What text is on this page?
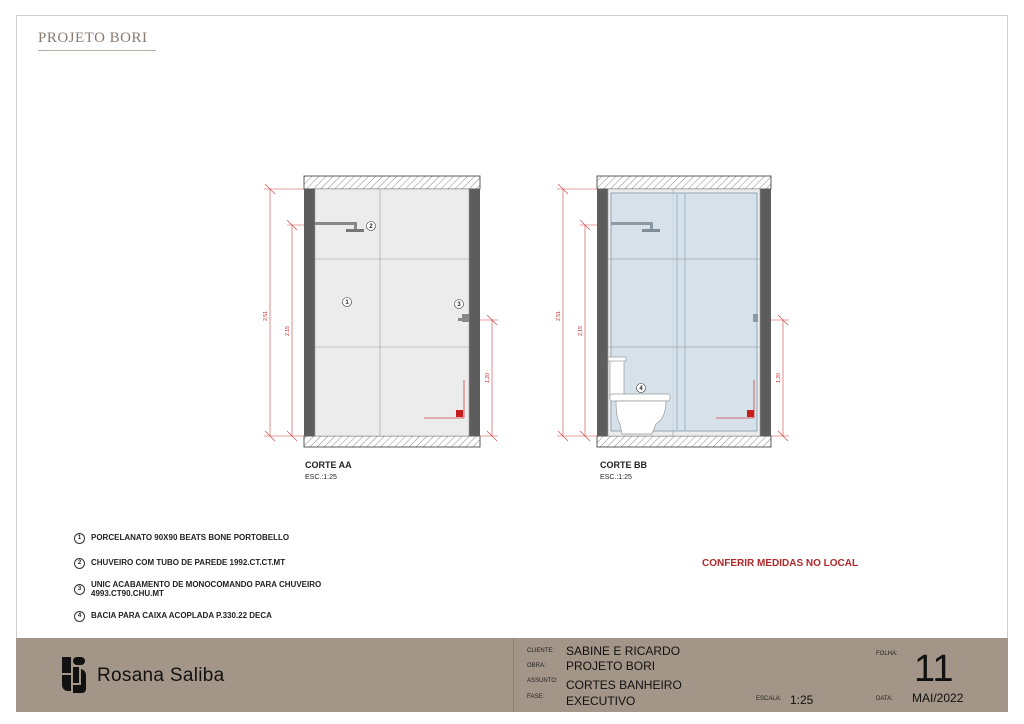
PROJETO BORI
2,51
2,15
1,20
2,51
2,15
1,20
1
2
3
4
CORTE AA
ESC.:1:25
CORTE BB
ESC.:1:25
1	PORCELANATO 90X90 BEATS BONE PORTOBELLO
2	CHUVEIRO COM TUBO DE PAREDE 1992.CT.CT.MT
3	UNIC ACABAMENTO DE MONOCOMANDO PARA CHUVEIRO 4993.CT90.CHU.MT
4	BACIA PARA CAIXA ACOPLADA P.330.22 DECA
CONFERIR MEDIDAS NO LOCAL
Rosana Saliba
CLIENTE: SABINE E RICARDO
OBRA: PROJETO BORI
ASSUNTO: CORTES BANHEIRO
FASE: EXECUTIVO	ESCALA: 1:25
FOLHA: 11
DATA: MAI/2022
